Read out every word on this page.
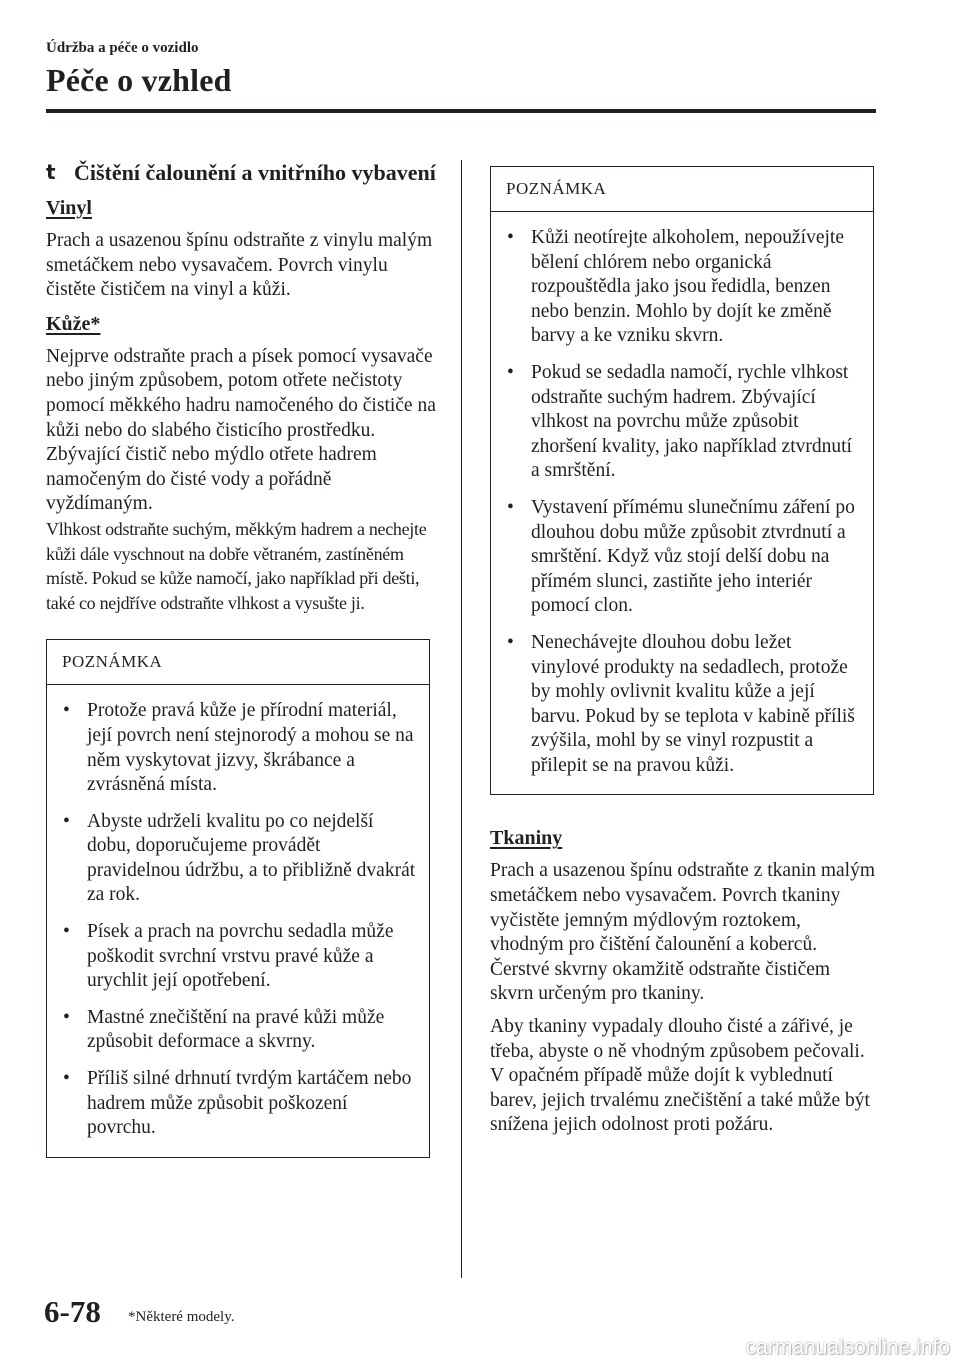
Údržba a péče o vozidlo
Péče o vzhled
t Čištění čalounění a vnitřního vybavení
Vinyl

Prach a usazenou špínu odstraňte z vinylu malým smetáčkem nebo vysavačem. Povrch vinylu čistěte čističem na vinyl a kůži.

Kůže*

Nejprve odstraňte prach a písek pomocí vysavače nebo jiným způsobem, potom otřete nečistoty pomocí měkkého hadru namočeného do čističe na kůži nebo do slabého čisticího prostředku. Zbývající čistič nebo mýdlo otřete hadrem namočeným do čisté vody a pořádně vyždímaným.

Vlhkost odstraňte suchým, měkkým hadrem a nechejte kůži dále vyschnout na dobře větraném, zastíněném místě. Pokud se kůže namočí, jako například při dešti, také co nejdříve odstraňte vlhkost a vysušte ji.

POZNÁMKA
• Protože pravá kůže je přírodní materiál, její povrch není stejnorodý a mohou se na něm vyskytovat jizvy, škrábance a zvrásněná místa.
• Abyste udrželi kvalitu po co nejdelší dobu, doporučujeme provádět pravidelnou údržbu, a to přibližně dvakrát za rok.
• Písek a prach na povrchu sedadla může poškodit svrchní vrstvu pravé kůže a urychlit její opotřebení.
• Mastné znečištění na pravé kůži může způsobit deformace a skvrny.
• Příliš silné drhnutí tvrdým kartáčem nebo hadrem může způsobit poškození povrchu.
POZNÁMKA
• Kůži neotírejte alkoholem, nepoužívejte bělení chlórem nebo organická rozpouštědla jako jsou ředidla, benzen nebo benzin. Mohlo by dojít ke změně barvy a ke vzniku skvrn.
• Pokud se sedadla namočí, rychle vlhkost odstraňte suchým hadrem. Zbývající vlhkost na povrchu může způsobit zhoršení kvality, jako například ztvrdnutí a smrštění.
• Vystavení přímému slunečnímu záření po dlouhou dobu může způsobit ztvrdnutí a smrštění. Když vůz stojí delší dobu na přímém slunci, zastiňte jeho interiér pomocí clon.
• Nenechávejte dlouhou dobu ležet vinylové produkty na sedadlech, protože by mohly ovlivnit kvalitu kůže a její barvu. Pokud by se teplota v kabině příliš zvýšila, mohl by se vinyl rozpustit a přilepit se na pravou kůži.
Tkaniny

Prach a usazenou špínu odstraňte z tkanin malým smetáčkem nebo vysavačem. Povrch tkaniny vyčistěte jemným mýdlovým roztokem, vhodným pro čištění čalounění a koberců. Čerstvé skvrny okamžitě odstraňte čističem skvrn určeným pro tkaniny.

Aby tkaniny vypadaly dlouho čisté a zářivé, je třeba, abyste o ně vhodným způsobem pečovali. V opačném případě může dojít k vyblednutí barev, jejich trvalému znečištění a také může být snížena jejich odolnost proti požáru.

6-78 *Některé modely.
carmanualsonline.info
